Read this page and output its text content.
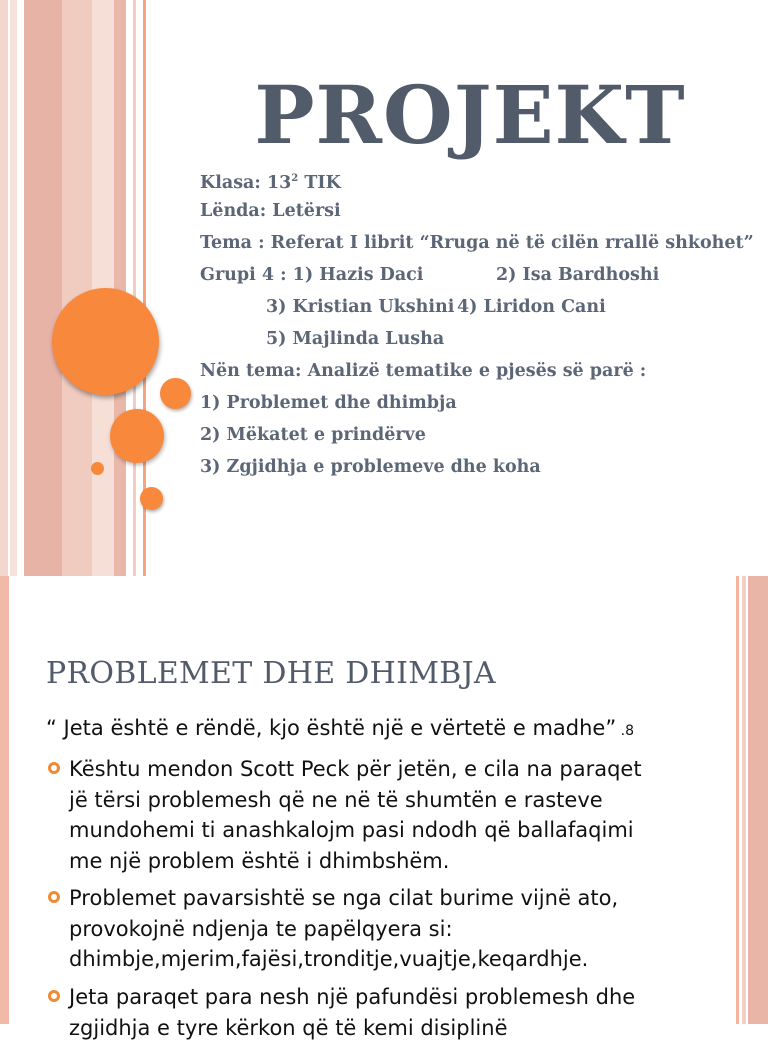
PROJEKT
Klasa: $13^2$ TIK
Lënda: Letërsi
Tema : Referat I librit “Rruga në të cilën rrallë shkohet”
Grupi 4 : 1) Hazis Daci	2) Isa Bardhoshi
3) Kristian Ukshini 4) Liridon Cani
5) Majlinda Lusha
Nën tema: Analizë tematike e pjesës së parë :
1) Problemet dhe dhimbja
2) Mëkatet e prindërve
3) Zgjidhja e problemeve dhe koha
PROBLEMET DHE DHIMBJA
“ Jeta është e rëndë, kjo është një e vërtetë e madhe” .8
Kështu mendon Scott Peck për jetën, e cila na paraqet
jë tërsi problemesh që ne në të shumtën e rasteve
mundohemi ti anashkalojm pasi ndodh që ballafaqimi
me një problem është i dhimbshëm.
Problemet pavarsishtë se nga cilat burime vijnë ato,
provokojnë ndjenja te papëlqyera si:
dhimbje,mjerim,fajësi,tronditje,vuajtje,keqardhje.
Jeta paraqet para nesh një pafundësi problemesh dhe
zgjidhja e tyre kërkon që të kemi disiplinë
